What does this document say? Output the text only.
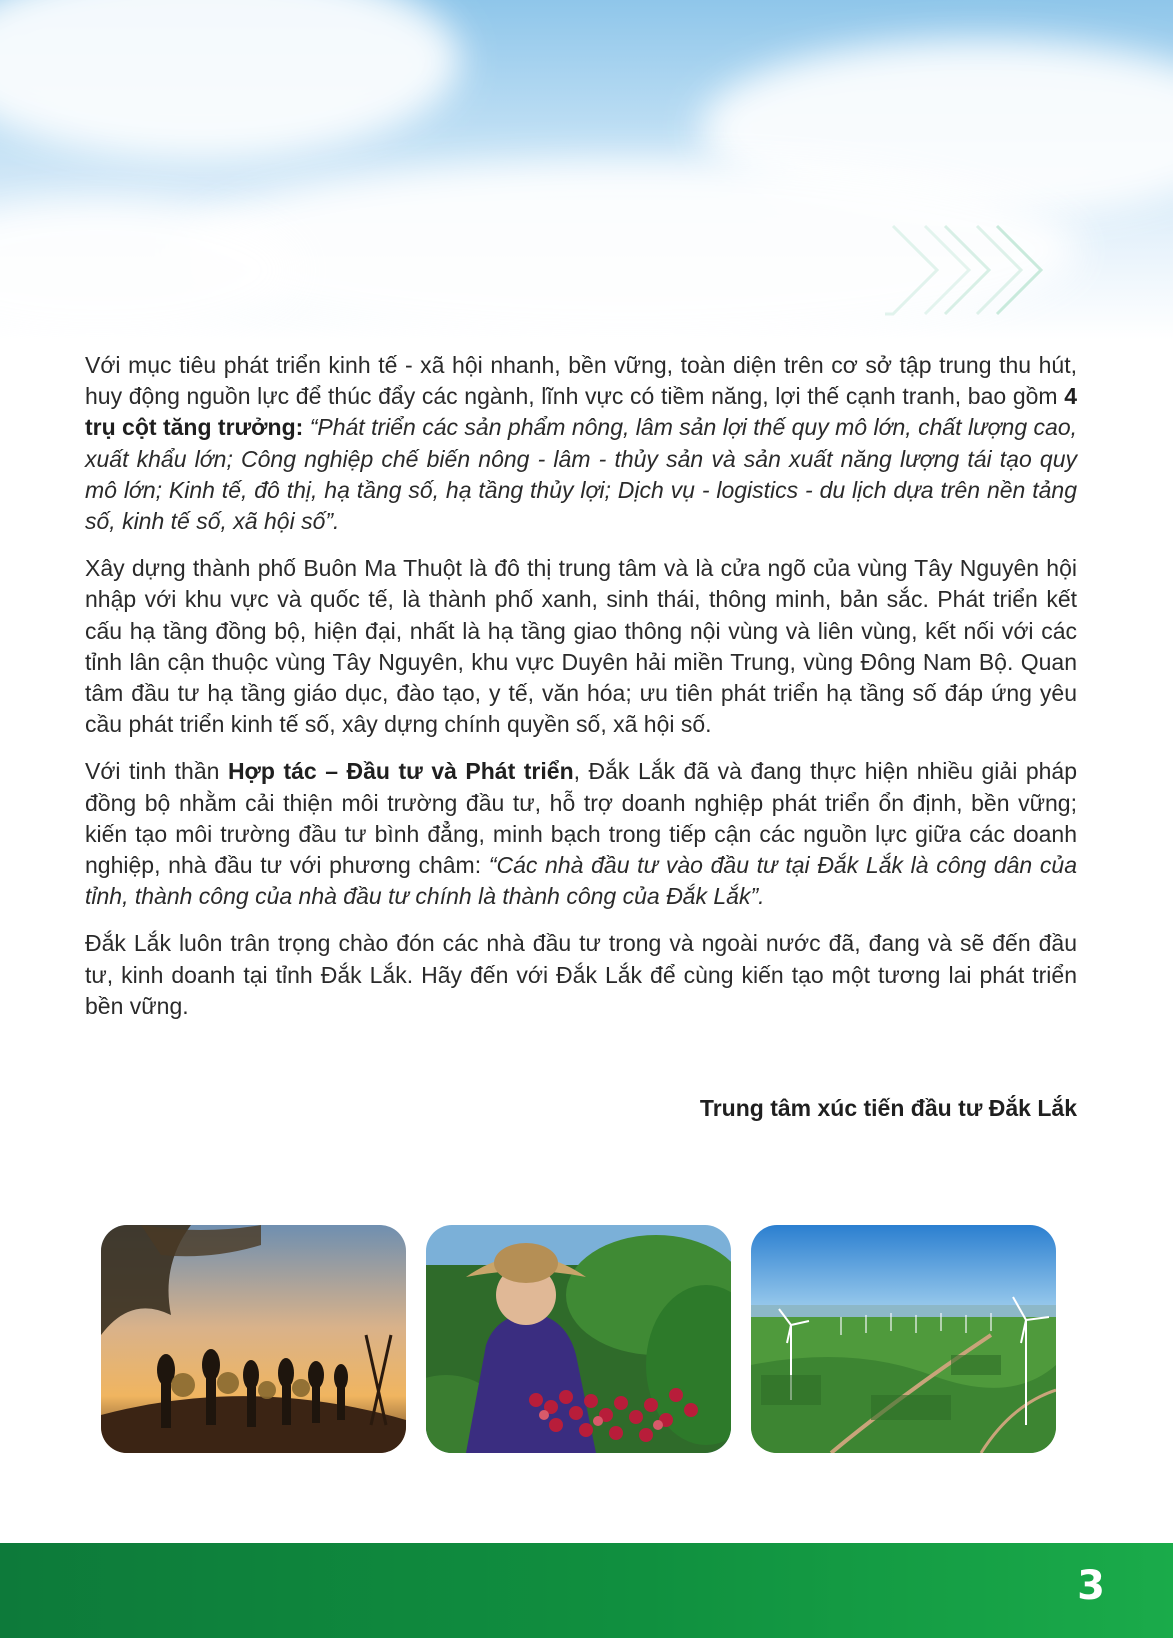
Với mục tiêu phát triển kinh tế - xã hội nhanh, bền vững, toàn diện trên cơ sở tập trung thu hút, huy động nguồn lực để thúc đẩy các ngành, lĩnh vực có tiềm năng, lợi thế cạnh tranh, bao gồm 4 trụ cột tăng trưởng: “Phát triển các sản phẩm nông, lâm sản lợi thế quy mô lớn, chất lượng cao, xuất khẩu lớn; Công nghiệp chế biến nông - lâm - thủy sản và sản xuất năng lượng tái tạo quy mô lớn; Kinh tế, đô thị, hạ tầng số, hạ tầng thủy lợi; Dịch vụ - logistics - du lịch dựa trên nền tảng số, kinh tế số, xã hội số”.

Xây dựng thành phố Buôn Ma Thuột là đô thị trung tâm và là cửa ngõ của vùng Tây Nguyên hội nhập với khu vực và quốc tế, là thành phố xanh, sinh thái, thông minh, bản sắc. Phát triển kết cấu hạ tầng đồng bộ, hiện đại, nhất là hạ tầng giao thông nội vùng và liên vùng, kết nối với các tỉnh lân cận thuộc vùng Tây Nguyên, khu vực Duyên hải miền Trung, vùng Đông Nam Bộ. Quan tâm đầu tư hạ tầng giáo dục, đào tạo, y tế, văn hóa; ưu tiên phát triển hạ tầng số đáp ứng yêu cầu phát triển kinh tế số, xây dựng chính quyền số, xã hội số.

Với tinh thần Hợp tác – Đầu tư và Phát triển, Đắk Lắk đã và đang thực hiện nhiều giải pháp đồng bộ nhằm cải thiện môi trường đầu tư, hỗ trợ doanh nghiệp phát triển ổn định, bền vững; kiến tạo môi trường đầu tư bình đẳng, minh bạch trong tiếp cận các nguồn lực giữa các doanh nghiệp, nhà đầu tư với phương châm: “Các nhà đầu tư vào đầu tư tại Đắk Lắk là công dân của tỉnh, thành công của nhà đầu tư chính là thành công của Đắk Lắk”.

Đắk Lắk luôn trân trọng chào đón các nhà đầu tư trong và ngoài nước đã, đang và sẽ đến đầu tư, kinh doanh tại tỉnh Đắk Lắk. Hãy đến với Đắk Lắk để cùng kiến tạo một tương lai phát triển bền vững.

Trung tâm xúc tiến đầu tư Đắk Lắk
3
